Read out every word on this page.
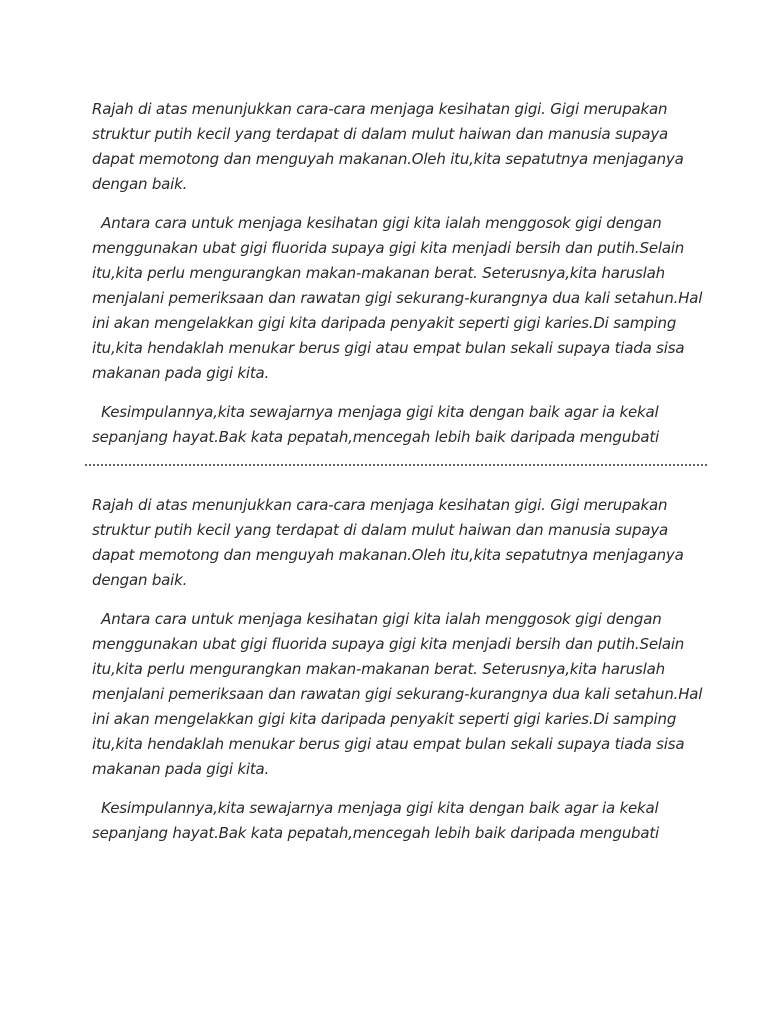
Rajah di atas menunjukkan cara-cara menjaga kesihatan gigi. Gigi merupakan
struktur putih kecil yang terdapat di dalam mulut haiwan dan manusia supaya
dapat memotong dan menguyah makanan.Oleh itu,kita sepatutnya menjaganya
dengan baik.
Antara cara untuk menjaga kesihatan gigi kita ialah menggosok gigi dengan
menggunakan ubat gigi fluorida supaya gigi kita menjadi bersih dan putih.Selain
itu,kita perlu mengurangkan makan-makanan berat. Seterusnya,kita haruslah
menjalani pemeriksaan dan rawatan gigi sekurang-kurangnya dua kali setahun.Hal
ini akan mengelakkan gigi kita daripada penyakit seperti gigi karies.Di samping
itu,kita hendaklah menukar berus gigi atau empat bulan sekali supaya tiada sisa
makanan pada gigi kita.
Kesimpulannya,kita sewajarnya menjaga gigi kita dengan baik agar ia kekal
sepanjang hayat.Bak kata pepatah,mencegah lebih baik daripada mengubati
Rajah di atas menunjukkan cara-cara menjaga kesihatan gigi. Gigi merupakan
struktur putih kecil yang terdapat di dalam mulut haiwan dan manusia supaya
dapat memotong dan menguyah makanan.Oleh itu,kita sepatutnya menjaganya
dengan baik.
Antara cara untuk menjaga kesihatan gigi kita ialah menggosok gigi dengan
menggunakan ubat gigi fluorida supaya gigi kita menjadi bersih dan putih.Selain
itu,kita perlu mengurangkan makan-makanan berat. Seterusnya,kita haruslah
menjalani pemeriksaan dan rawatan gigi sekurang-kurangnya dua kali setahun.Hal
ini akan mengelakkan gigi kita daripada penyakit seperti gigi karies.Di samping
itu,kita hendaklah menukar berus gigi atau empat bulan sekali supaya tiada sisa
makanan pada gigi kita.
Kesimpulannya,kita sewajarnya menjaga gigi kita dengan baik agar ia kekal
sepanjang hayat.Bak kata pepatah,mencegah lebih baik daripada mengubati
